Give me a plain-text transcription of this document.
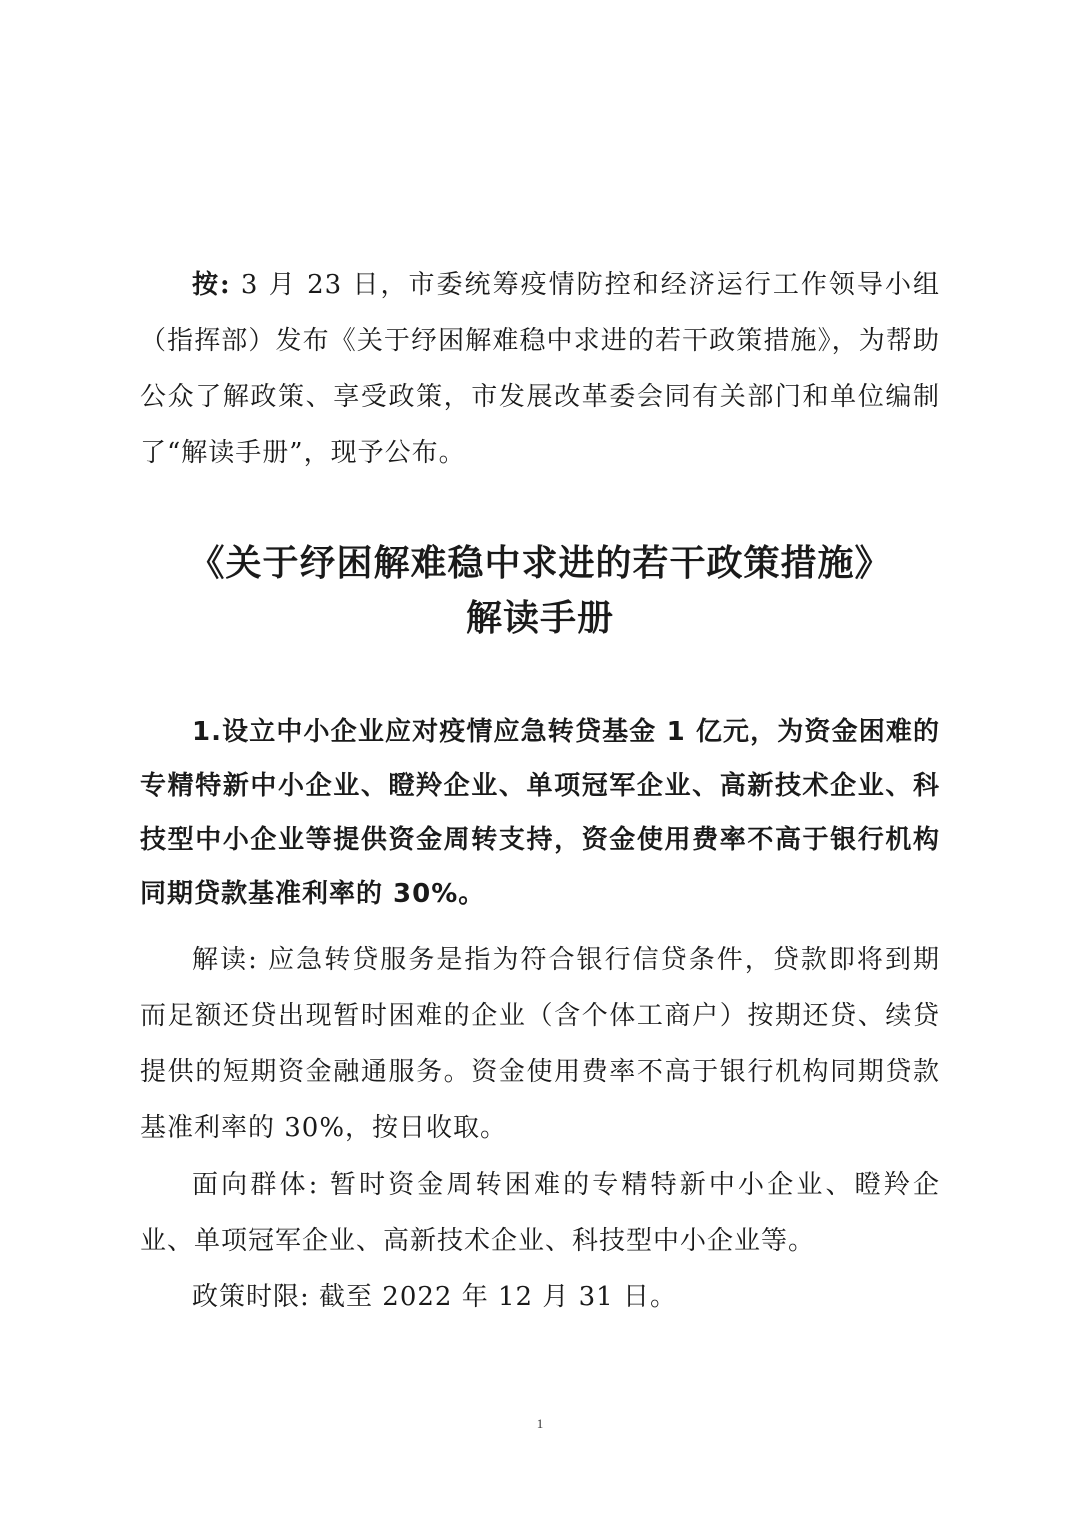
按: 3 月 23 日，市委统筹疫情防控和经济运行工作领导小组（指挥部）发布《关于纾困解难稳中求进的若干政策措施》，为帮助公众了解政策、享受政策，市发展改革委会同有关部门和单位编制了“解读手册”，现予公布。

《关于纾困解难稳中求进的若干政策措施》
解读手册

1.设立中小企业应对疫情应急转贷基金 1 亿元，为资金困难的专精特新中小企业、瞪羚企业、单项冠军企业、高新技术企业、科技型中小企业等提供资金周转支持，资金使用费率不高于银行机构同期贷款基准利率的 30%。

解读: 应急转贷服务是指为符合银行信贷条件，贷款即将到期而足额还贷出现暂时困难的企业（含个体工商户）按期还贷、续贷提供的短期资金融通服务。资金使用费率不高于银行机构同期贷款基准利率的 30%，按日收取。

面向群体: 暂时资金周转困难的专精特新中小企业、瞪羚企业、单项冠军企业、高新技术企业、科技型中小企业等。

政策时限: 截至 2022 年 12 月 31 日。

1
